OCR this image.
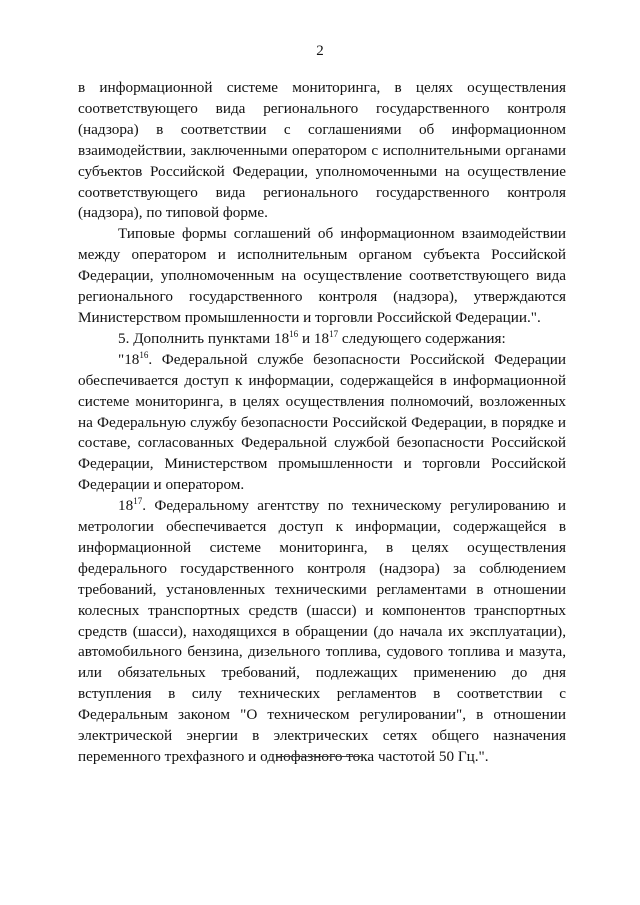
2

в информационной системе мониторинга, в целях осуществления соответствующего вида регионального государственного контроля (надзора) в соответствии с соглашениями об информационном взаимодействии, заключенными оператором с исполнительными органами субъектов Российской Федерации, уполномоченными на осуществление соответствующего вида регионального государственного контроля (надзора), по типовой форме.

Типовые формы соглашений об информационном взаимодействии между оператором и исполнительным органом субъекта Российской Федерации, уполномоченным на осуществление соответствующего вида регионального государственного контроля (надзора), утверждаются Министерством промышленности и торговли Российской Федерации.".

5. Дополнить пунктами $18^{16}$ и $18^{17}$ следующего содержания:

"$18^{16}$. Федеральной службе безопасности Российской Федерации обеспечивается доступ к информации, содержащейся в информационной системе мониторинга, в целях осуществления полномочий, возложенных на Федеральную службу безопасности Российской Федерации, в порядке и составе, согласованных Федеральной службой безопасности Российской Федерации, Министерством промышленности и торговли Российской Федерации и оператором.

$18^{17}$. Федеральному агентству по техническому регулированию и метрологии обеспечивается доступ к информации, содержащейся в информационной системе мониторинга, в целях осуществления федерального государственного контроля (надзора) за соблюдением требований, установленных техническими регламентами в отношении колесных транспортных средств (шасси) и компонентов транспортных средств (шасси), находящихся в обращении (до начала их эксплуатации), автомобильного бензина, дизельного топлива, судового топлива и мазута, или обязательных требований, подлежащих применению до дня вступления в силу технических регламентов в соответствии с Федеральным законом "О техническом регулировании", в отношении электрической энергии в электрических сетях общего назначения переменного трехфазного и однофазного тока частотой 50 Гц.".
